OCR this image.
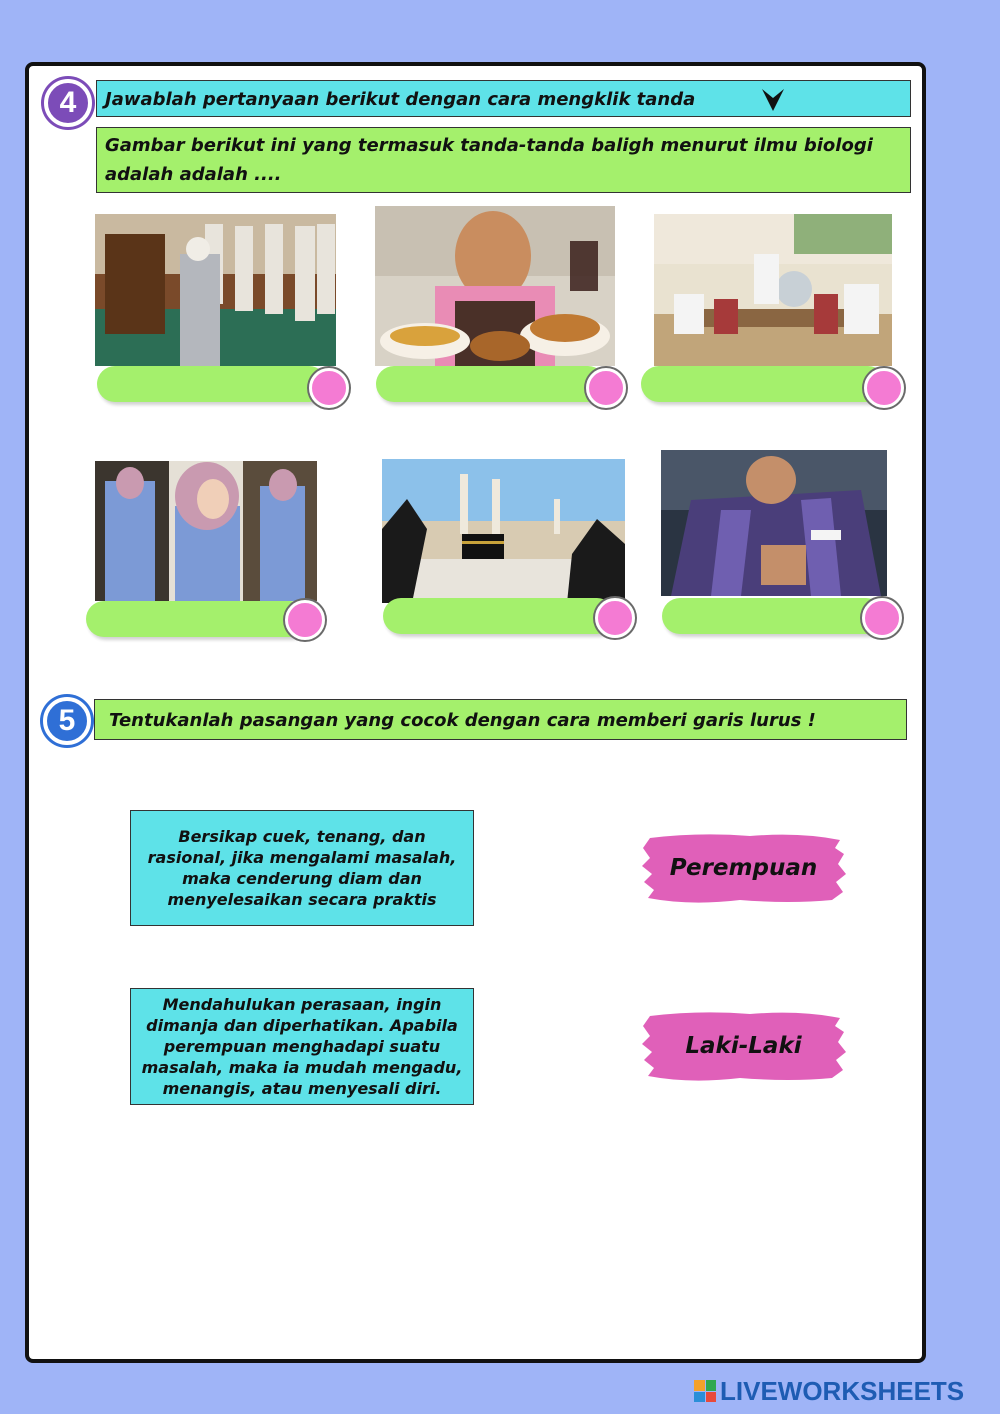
4	Jawablah pertanyaan berikut dengan cara mengklik tanda
Gambar berikut ini yang termasuk tanda-tanda baligh menurut ilmu biologi adalah adalah ....
5	Tentukanlah pasangan yang cocok dengan cara memberi garis lurus !
Bersikap cuek, tenang, dan rasional, jika mengalami masalah, maka cenderung diam dan menyelesaikan secara praktis
Mendahulukan perasaan, ingin dimanja dan diperhatikan. Apabila perempuan menghadapi suatu masalah, maka ia mudah mengadu, menangis, atau menyesali diri.
Perempuan
Laki-Laki
LIVEWORKSHEETS
